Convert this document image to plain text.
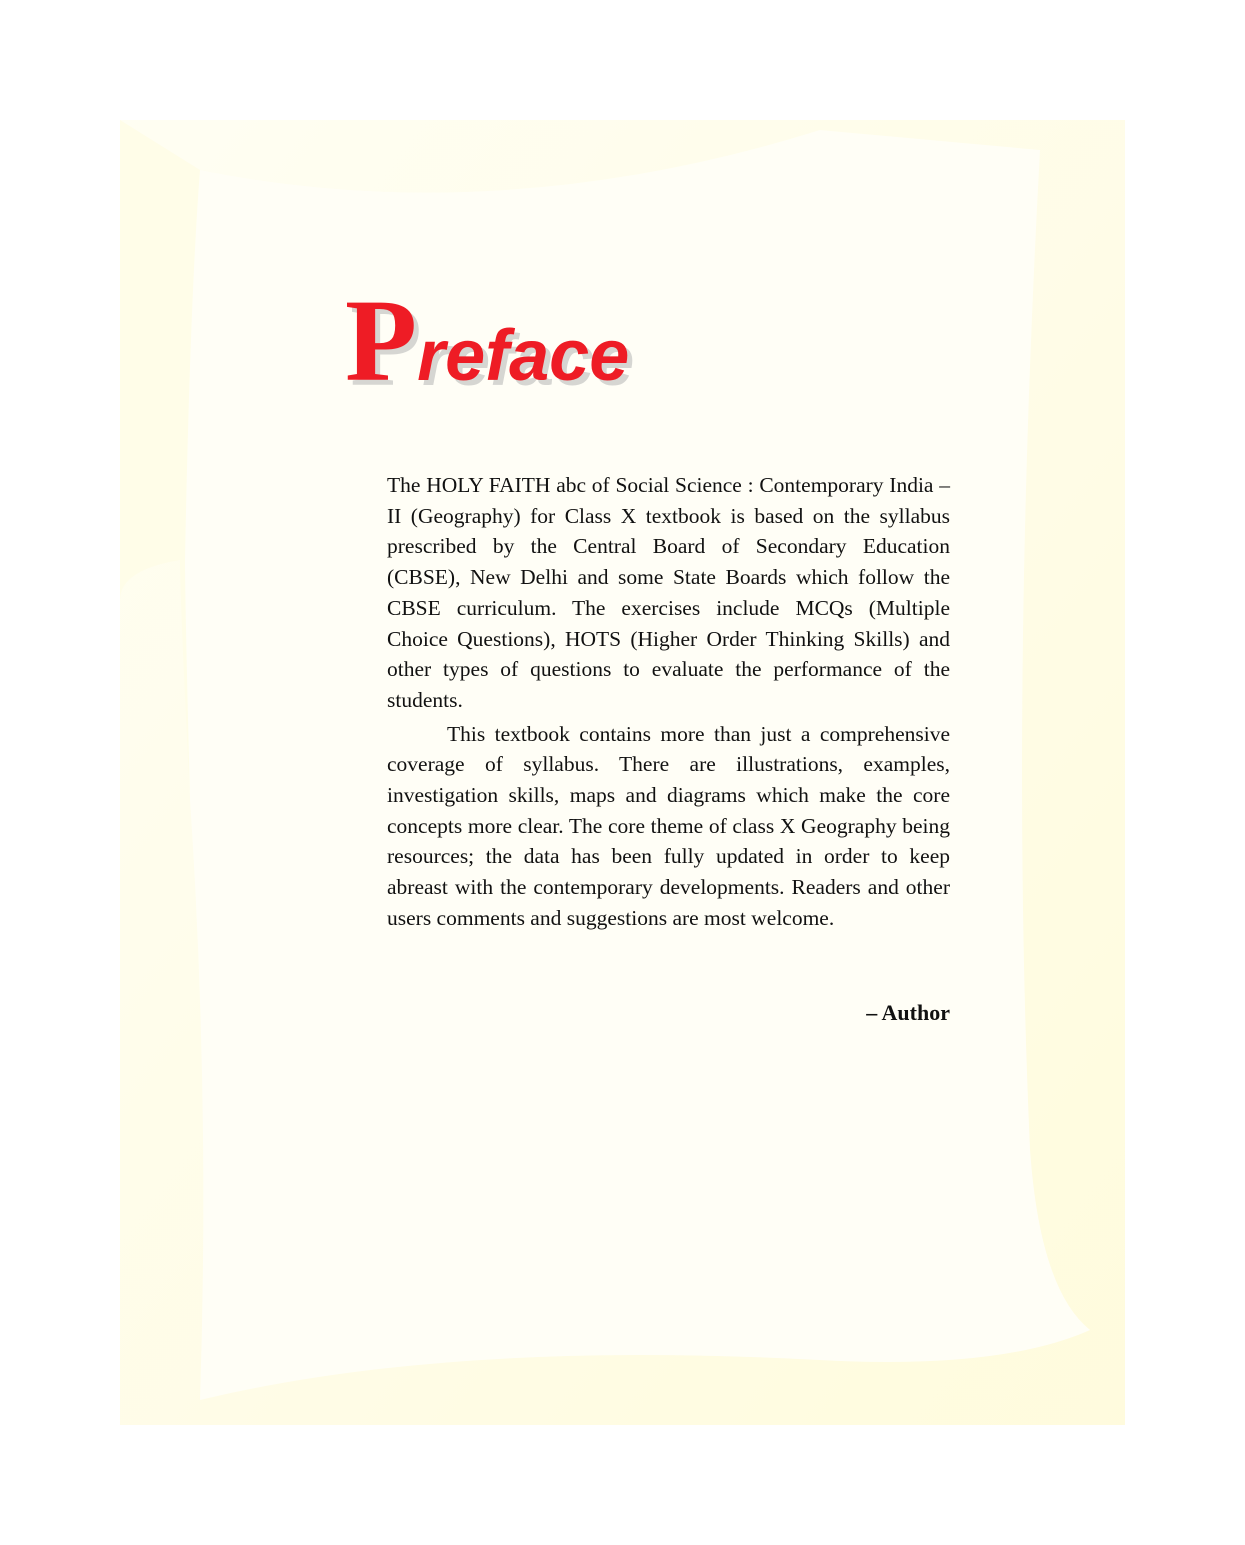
Preface

The HOLY FAITH abc of Social Science : Contemporary India – II (Geography) for Class X textbook is based on the syllabus prescribed by the Central Board of Secondary Education (CBSE), New Delhi and some State Boards which follow the CBSE curriculum. The exercises include MCQs (Multiple Choice Questions), HOTS (Higher Order Thinking Skills) and other types of questions to evaluate the performance of the students.

This textbook contains more than just a comprehensive coverage of syllabus. There are illustrations, examples, investigation skills, maps and diagrams which make the core concepts more clear. The core theme of class X Geography being resources; the data has been fully updated in order to keep abreast with the contemporary developments. Readers and other users comments and suggestions are most welcome.

– Author
